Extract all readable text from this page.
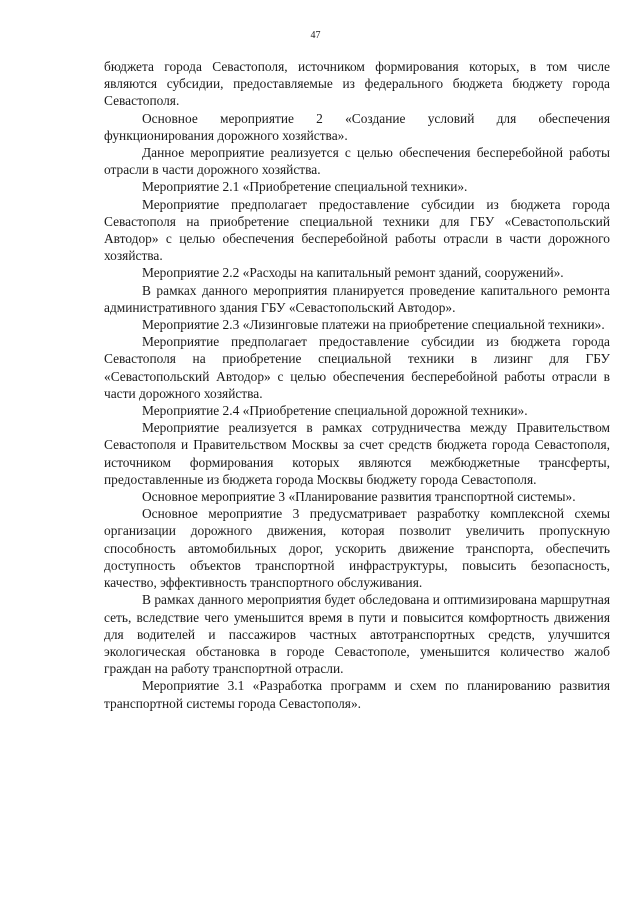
47

бюджета города Севастополя, источником формирования которых, в том числе являются субсидии, предоставляемые из федерального бюджета бюджету города Севастополя.

Основное мероприятие 2 «Создание условий для обеспечения функционирования дорожного хозяйства».

Данное мероприятие реализуется с целью обеспечения бесперебойной работы отрасли в части дорожного хозяйства.

Мероприятие 2.1 «Приобретение специальной техники».

Мероприятие предполагает предоставление субсидии из бюджета города Севастополя на приобретение специальной техники для ГБУ «Севастопольский Автодор» с целью обеспечения бесперебойной работы отрасли в части дорожного хозяйства.

Мероприятие 2.2 «Расходы на капитальный ремонт зданий, сооружений».

В рамках данного мероприятия планируется проведение капитального ремонта административного здания ГБУ «Севастопольский Автодор».

Мероприятие 2.3 «Лизинговые платежи на приобретение специальной техники».

Мероприятие предполагает предоставление субсидии из бюджета города Севастополя на приобретение специальной техники в лизинг для ГБУ «Севастопольский Автодор» с целью обеспечения бесперебойной работы отрасли в части дорожного хозяйства.

Мероприятие 2.4 «Приобретение специальной дорожной техники».

Мероприятие реализуется в рамках сотрудничества между Правительством Севастополя и Правительством Москвы за счет средств бюджета города Севастополя, источником формирования которых являются межбюджетные трансферты, предоставленные из бюджета города Москвы бюджету города Севастополя.

Основное мероприятие 3 «Планирование развития транспортной системы».

Основное мероприятие 3 предусматривает разработку комплексной схемы организации дорожного движения, которая позволит увеличить пропускную способность автомобильных дорог, ускорить движение транспорта, обеспечить доступность объектов транспортной инфраструктуры, повысить безопасность, качество, эффективность транспортного обслуживания.

В рамках данного мероприятия будет обследована и оптимизирована маршрутная сеть, вследствие чего уменьшится время в пути и повысится комфортность движения для водителей и пассажиров частных автотранспортных средств, улучшится экологическая обстановка в городе Севастополе, уменьшится количество жалоб граждан на работу транспортной отрасли.

Мероприятие 3.1 «Разработка программ и схем по планированию развития транспортной системы города Севастополя».
